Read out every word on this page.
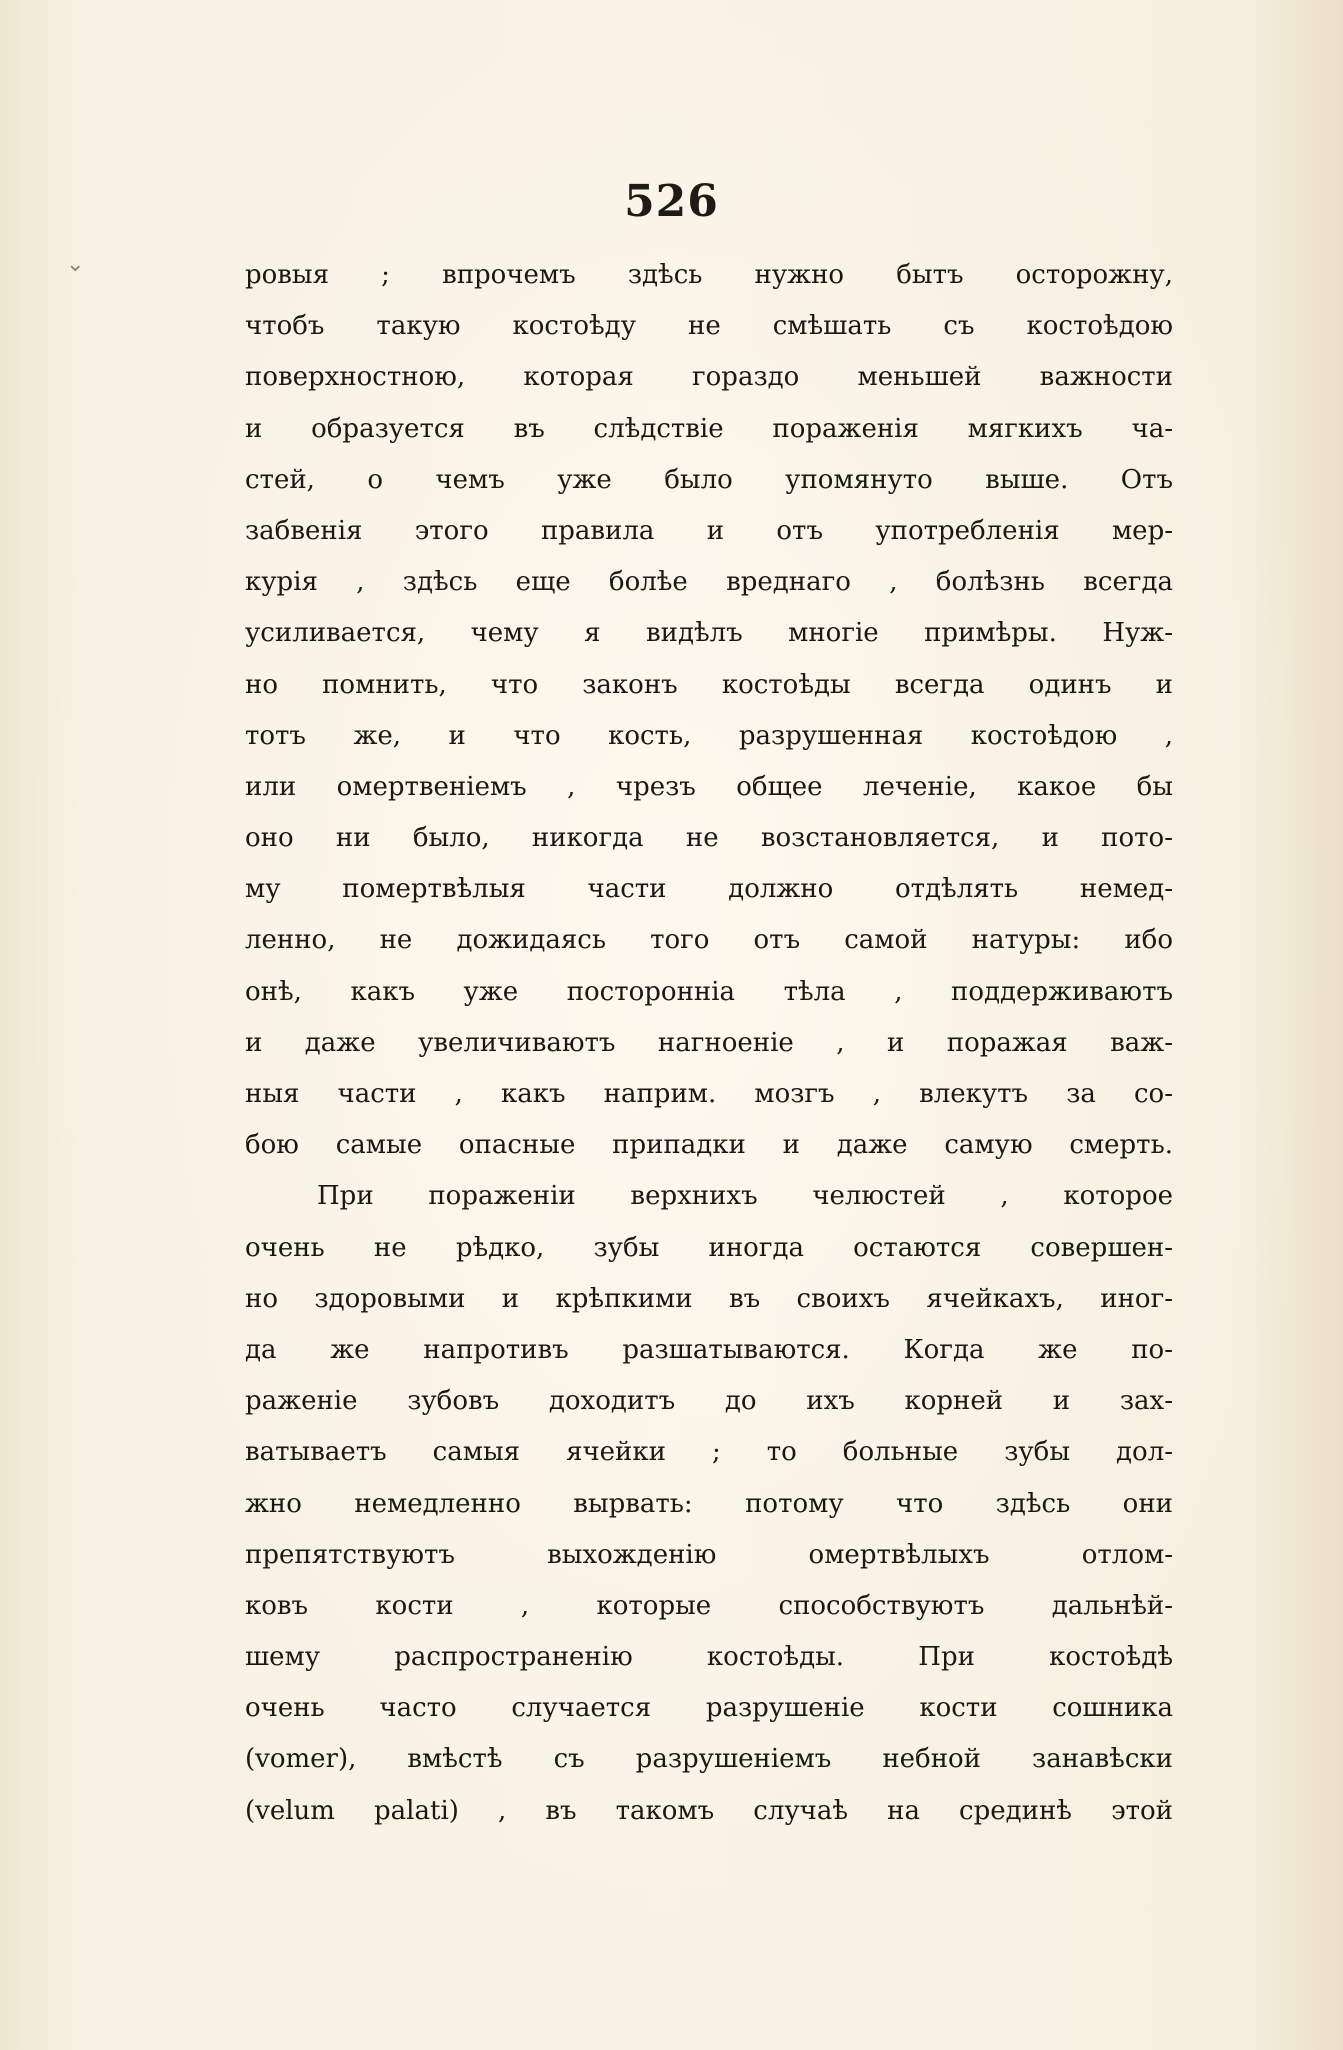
⌄
526
ровыя ; впрочемъ здѣсь нужно бытъ осторожну,
чтобъ такую костоѣду не смѣшать съ костоѣдою
поверхностною, которая гораздо меньшей важности
и образуется въ слѣдствіе пораженія мягкихъ ча-
стей, о чемъ уже было упомянуто выше. Отъ
забвенія этого правила и отъ употребленія мер-
курія , здѣсь еще болѣе вреднаго , болѣзнь всегда
усиливается, чему я видѣлъ многіе примѣры. Нуж-
но помнить, что законъ костоѣды всегда одинъ и
тотъ же, и что кость, разрушенная костоѣдою ,
или омертвеніемъ , чрезъ общее леченіе, какое бы
оно ни было, никогда не возстановляется, и пото-
му помертвѣлыя части должно отдѣлять немед-
ленно, не дожидаясь того отъ самой натуры: ибо
онѣ, какъ уже посторонніа тѣла , поддерживаютъ
и даже увеличиваютъ нагноеніе , и поражая важ-
ныя части , какъ наприм. мозгъ , влекутъ за со-
бою самые опасные припадки и даже самую смерть.
При пораженіи верхнихъ челюстей , которое
очень не рѣдко, зубы иногда остаются совершен-
но здоровыми и крѣпкими въ своихъ ячейкахъ, иног-
да же напротивъ разшатываются. Когда же по-
раженіе зубовъ доходитъ до ихъ корней и зах-
ватываетъ самыя ячейки ; то больные зубы дол-
жно немедленно вырвать: потому что здѣсь они
препятствуютъ выхожденію омертвѣлыхъ отлом-
ковъ кости , которые способствуютъ дальнѣй-
шему распространенію костоѣды. При костоѣдѣ
очень часто случается разрушеніе кости сошника
(vomer), вмѣстѣ съ разрушеніемъ небной занавѣски
(velum palati) , въ такомъ случаѣ на срединѣ этой
